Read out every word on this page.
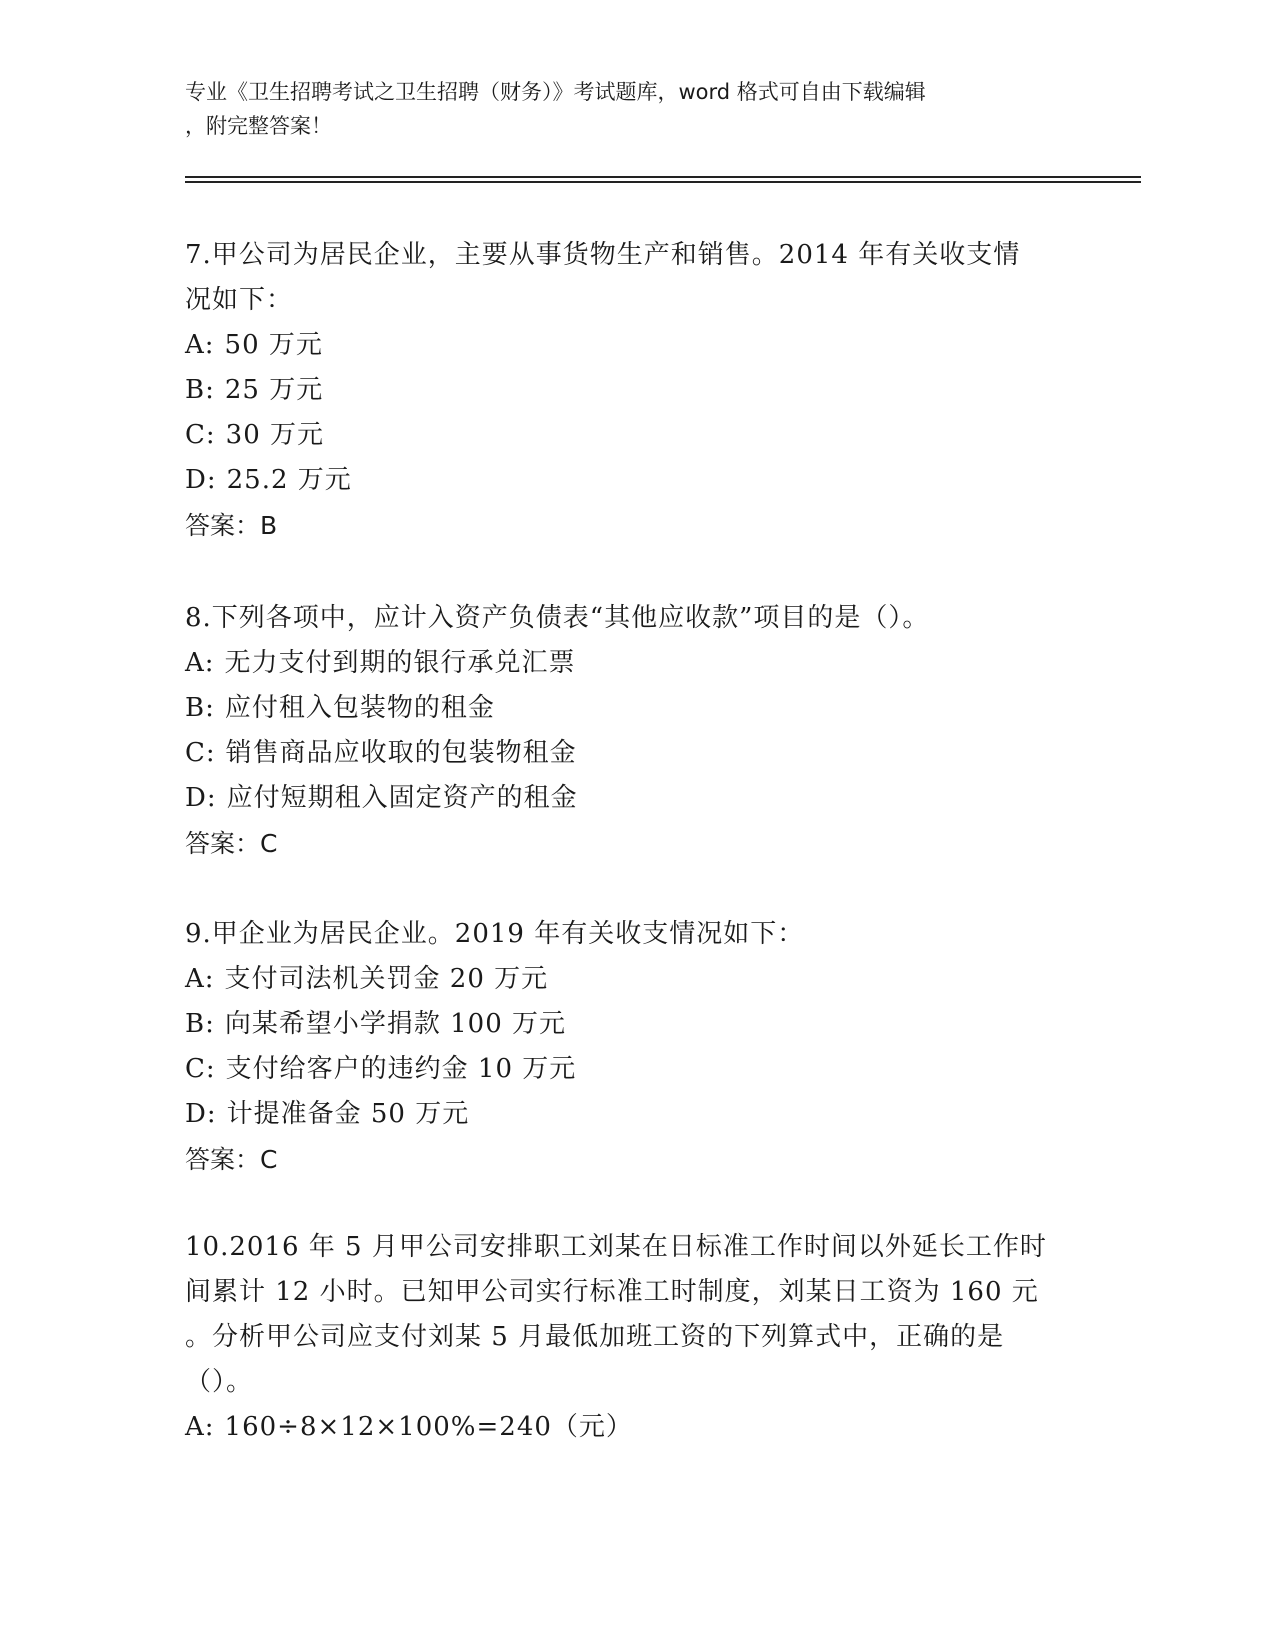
专业《卫生招聘考试之卫生招聘（财务）》考试题库，word 格式可自由下载编辑
，附完整答案！
7.甲公司为居民企业，主要从事货物生产和销售。2014 年有关收支情
况如下：
A: 50 万元
B: 25 万元
C: 30 万元
D: 25.2 万元
答案：B
8.下列各项中，应计入资产负债表“其他应收款”项目的是（）。
A: 无力支付到期的银行承兑汇票
B: 应付租入包装物的租金
C: 销售商品应收取的包装物租金
D: 应付短期租入固定资产的租金
答案：C
9.甲企业为居民企业。2019 年有关收支情况如下：
A: 支付司法机关罚金 20 万元
B: 向某希望小学捐款 100 万元
C: 支付给客户的违约金 10 万元
D: 计提准备金 50 万元
答案：C
10.2016 年 5 月甲公司安排职工刘某在日标准工作时间以外延长工作时
间累计 12 小时。已知甲公司实行标准工时制度，刘某日工资为 160 元
。分析甲公司应支付刘某 5 月最低加班工资的下列算式中，正确的是
（）。
A: 160÷8×12×100%=240（元）
